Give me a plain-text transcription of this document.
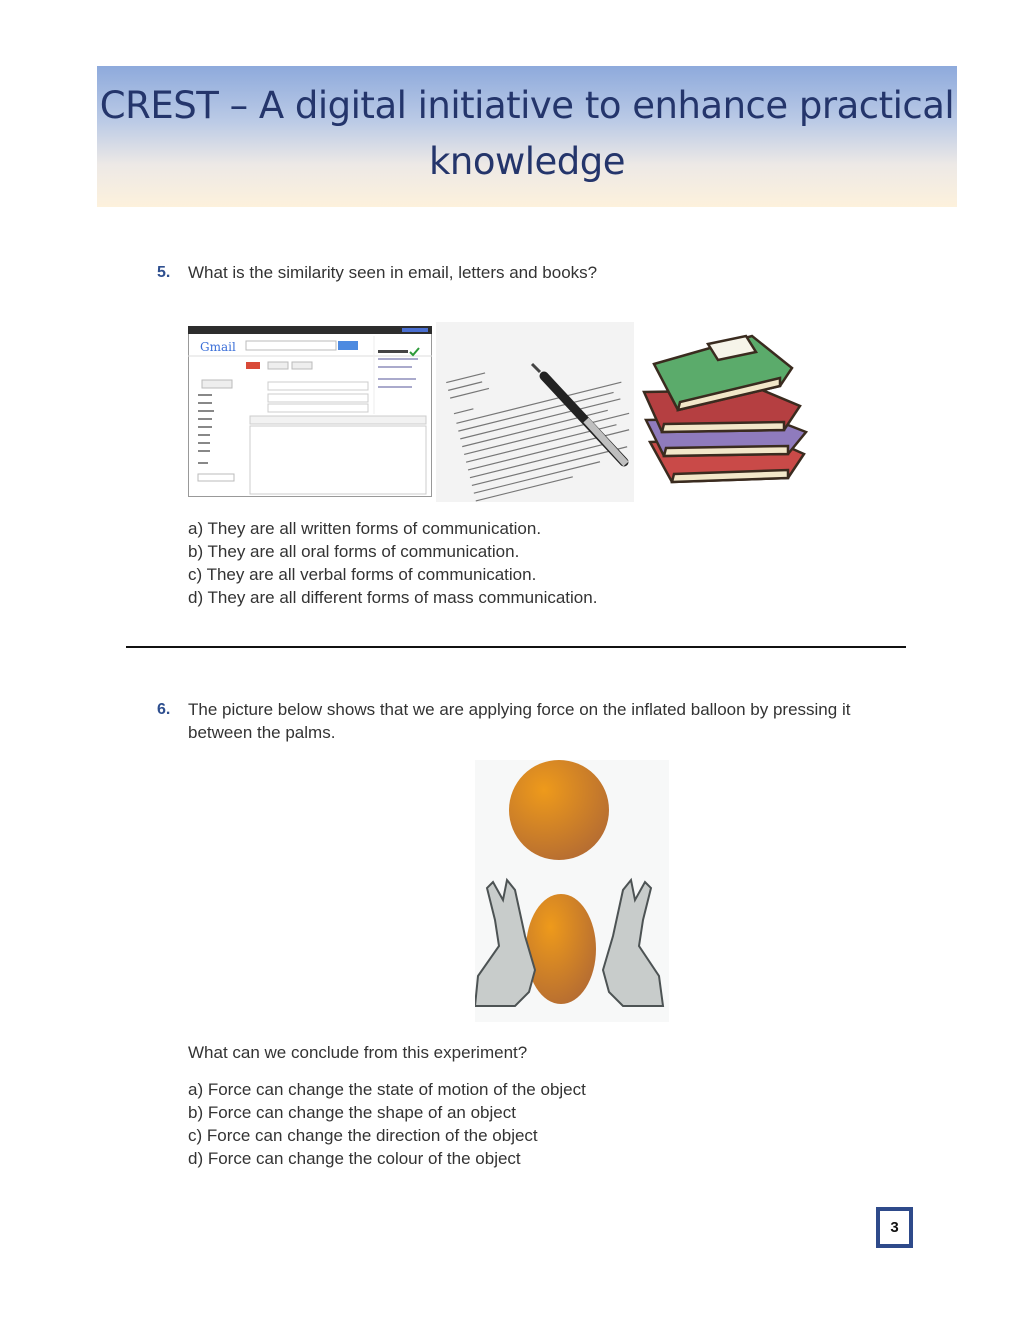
CREST – A digital initiative to enhance practical knowledge
5. What is the similarity seen in email, letters and books?
Gmail
a) They are all written forms of communication.
b) They are all oral forms of communication.
c) They are all verbal forms of communication.
d) They are all different forms of mass communication.
6. The picture below shows that we are applying force on the inflated balloon by pressing it between the palms.
What can we conclude from this experiment?
a) Force can change the state of motion of the object
b) Force can change the shape of an object
c) Force can change the direction of the object
d) Force can change the colour of the object
3
